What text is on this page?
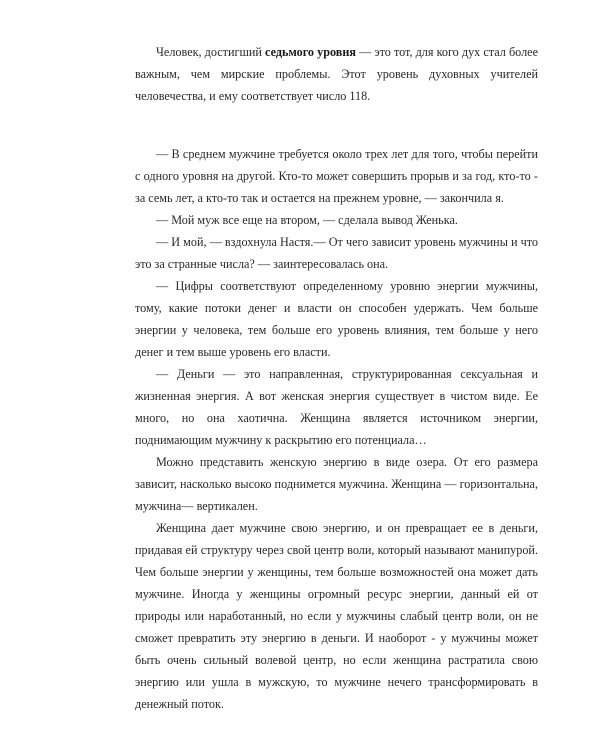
Человек, достигший седьмого уровня — это тот, для кого дух стал более важным, чем мирские проблемы. Этот уровень духовных учителей человечества, и ему соответствует число 118.

— В среднем мужчине требуется около трех лет для того, чтобы перейти с одного уровня на другой. Кто-то может совершить прорыв и за год, кто-то - за семь лет, а кто-то так и остается на прежнем уровне, — закончила я.

— Мой муж все еще на втором, — сделала вывод Женька.

— И мой, — вздохнула Настя.— От чего зависит уровень мужчины и что это за странные числа? — заинтересовалась она.

— Цифры соответствуют определенному уровню энергии мужчины, тому, какие потоки денег и власти он способен удержать. Чем больше энергии у человека, тем больше его уровень влияния, тем больше у него денег и тем выше уровень его власти.

— Деньги — это направленная, структурированная сексуальная и жизненная энергия. А вот женская энергия существует в чистом виде. Ее много, но она хаотична. Женщина является источником энергии, поднимающим мужчину к раскрытию его потенциала…

Можно представить женскую энергию в виде озера. От его размера зависит, насколько высоко поднимется мужчина. Женщина — горизонтальна, мужчина— вертикален.

Женщина дает мужчине свою энергию, и он превращает ее в деньги, придавая ей структуру через свой центр воли, который называют манипурой. Чем больше энергии у женщины, тем больше возможностей она может дать мужчине. Иногда у женщины огромный ресурс энергии, данный ей от природы или наработанный, но если у мужчины слабый центр воли, он не сможет превратить эту энергию в деньги. И наоборот - у мужчины может быть очень сильный волевой центр, но если женщина растратила свою энергию или ушла в мужскую, то мужчине нечего трансформировать в денежный поток.
